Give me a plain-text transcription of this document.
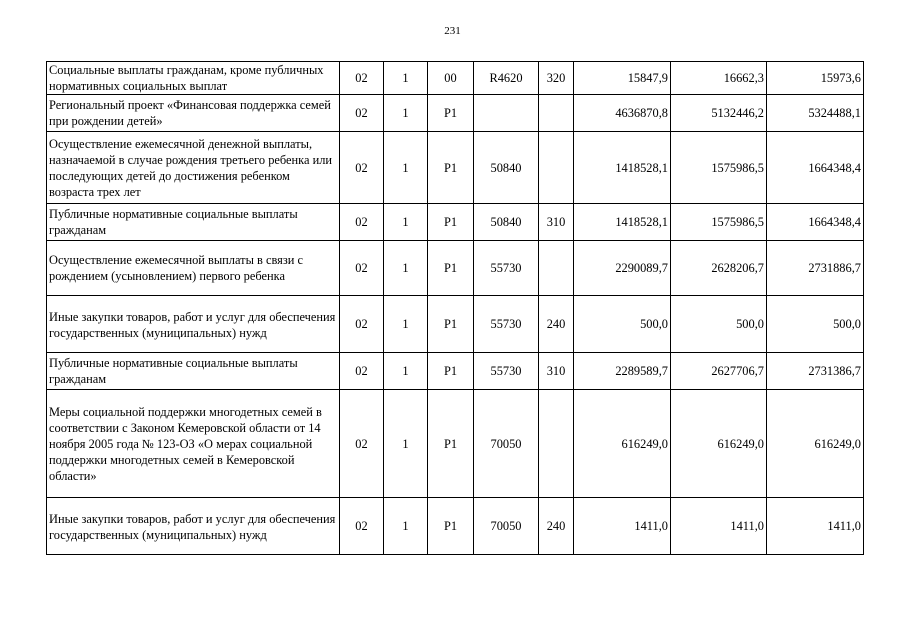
231
Социальные выплаты гражданам, кроме публичных нормативных социальных выплат	02	1	00	R4620	320	15847,9	16662,3	15973,6
Региональный проект «Финансовая поддержка семей при рождении детей»	02	1	P1			4636870,8	5132446,2	5324488,1
Осуществление ежемесячной денежной выплаты, назначаемой в случае рождения третьего ребенка или последующих детей до достижения ребенком возраста трех лет	02	1	P1	50840		1418528,1	1575986,5	1664348,4
Публичные нормативные социальные выплаты гражданам	02	1	P1	50840	310	1418528,1	1575986,5	1664348,4
Осуществление ежемесячной выплаты в связи с рождением (усыновлением) первого ребенка	02	1	P1	55730		2290089,7	2628206,7	2731886,7
Иные закупки товаров, работ и услуг для обеспечения государственных (муниципальных) нужд	02	1	P1	55730	240	500,0	500,0	500,0
Публичные нормативные социальные выплаты гражданам	02	1	P1	55730	310	2289589,7	2627706,7	2731386,7
Меры социальной поддержки многодетных семей в соответствии с Законом Кемеровской области от 14 ноября 2005 года № 123-ОЗ «О мерах социальной поддержки многодетных семей в Кемеровской области»	02	1	P1	70050		616249,0	616249,0	616249,0
Иные закупки товаров, работ и услуг для обеспечения государственных (муниципальных) нужд	02	1	P1	70050	240	1411,0	1411,0	1411,0
